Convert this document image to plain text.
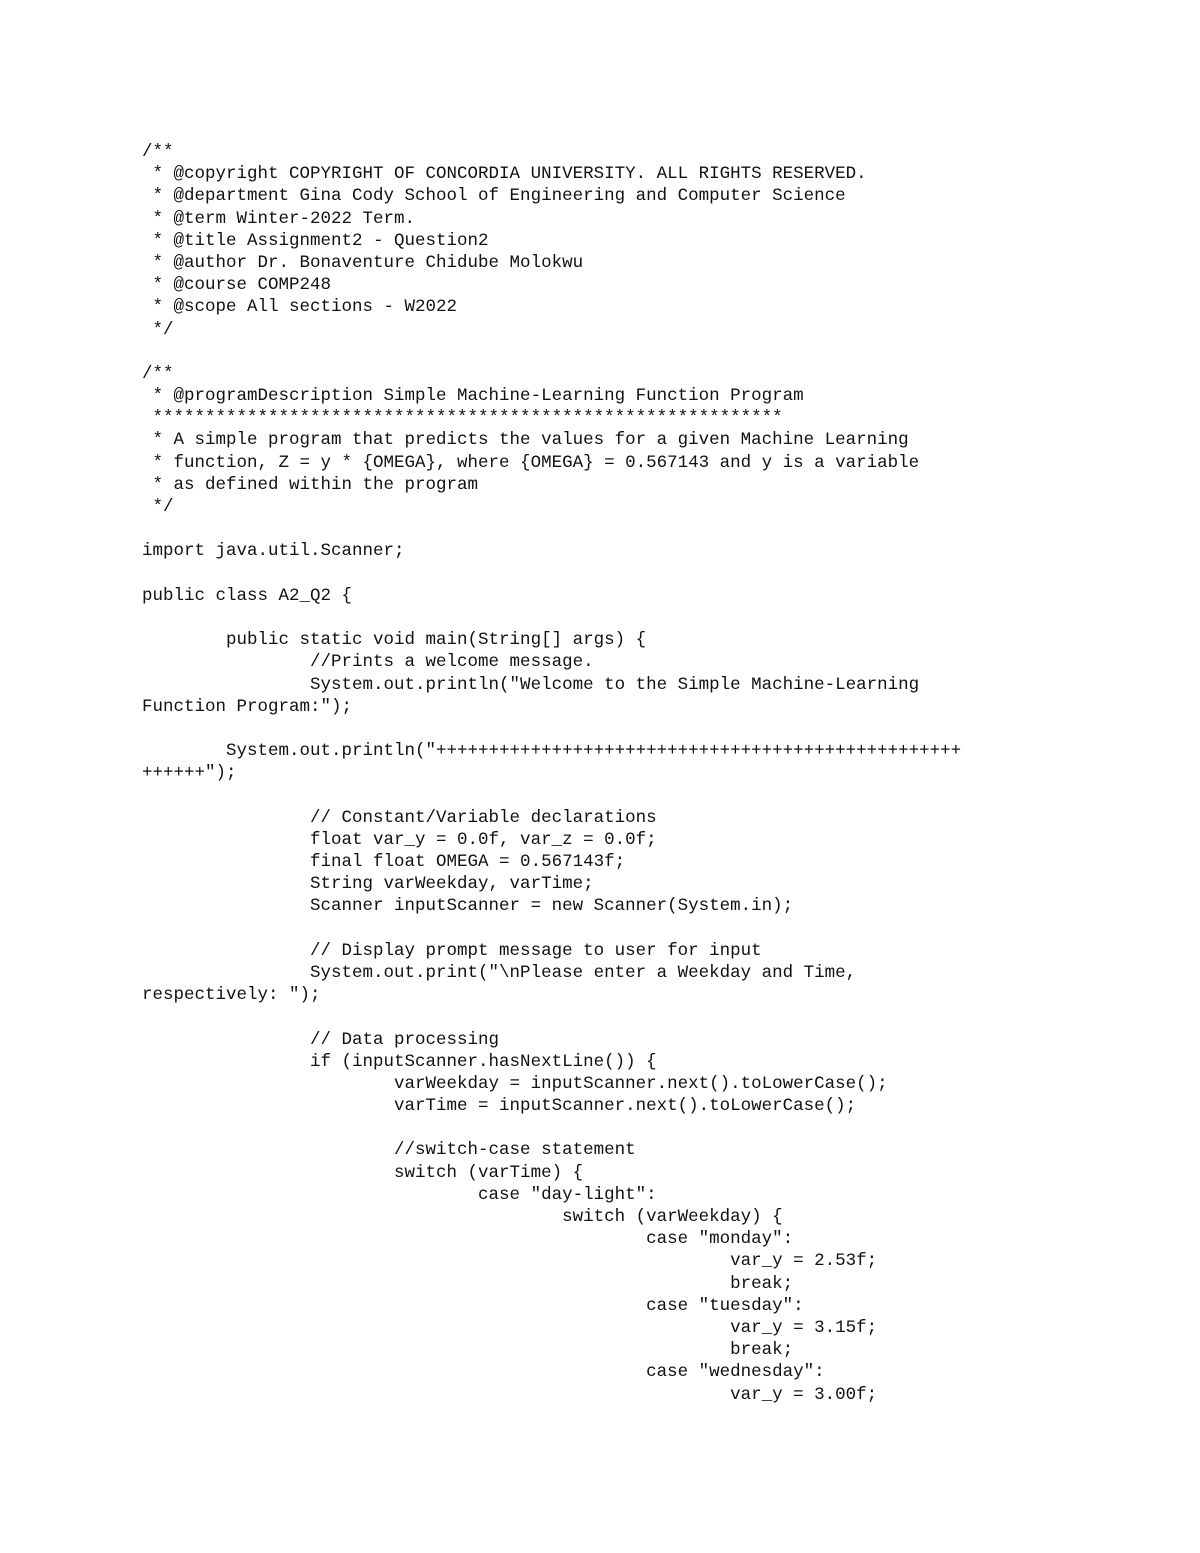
/**
* @copyright COPYRIGHT OF CONCORDIA UNIVERSITY. ALL RIGHTS RESERVED.
* @department Gina Cody School of Engineering and Computer Science
* @term Winter-2022 Term.
* @title Assignment2 - Question2
* @author Dr. Bonaventure Chidube Molokwu
* @course COMP248
* @scope All sections - W2022
*/
/**
* @programDescription Simple Machine-Learning Function Program
************************************************************
* A simple program that predicts the values for a given Machine Learning
* function, Z = y * {OMEGA}, where {OMEGA} = 0.567143 and y is a variable
* as defined within the program
*/
import java.util.Scanner;
public class A2_Q2 {
public static void main(String[] args) {
//Prints a welcome message.
System.out.println("Welcome to the Simple Machine-Learning
Function Program:");
System.out.println("++++++++++++++++++++++++++++++++++++++++++++++++++
++++++");
// Constant/Variable declarations
float var_y = 0.0f, var_z = 0.0f;
final float OMEGA = 0.567143f;
String varWeekday, varTime;
Scanner inputScanner = new Scanner(System.in);
// Display prompt message to user for input
System.out.print("\nPlease enter a Weekday and Time,
respectively: ");
// Data processing
if (inputScanner.hasNextLine()) {
varWeekday = inputScanner.next().toLowerCase();
varTime = inputScanner.next().toLowerCase();
//switch-case statement
switch (varTime) {
case "day-light":
switch (varWeekday) {
case "monday":
var_y = 2.53f;
break;
case "tuesday":
var_y = 3.15f;
break;
case "wednesday":
var_y = 3.00f;
